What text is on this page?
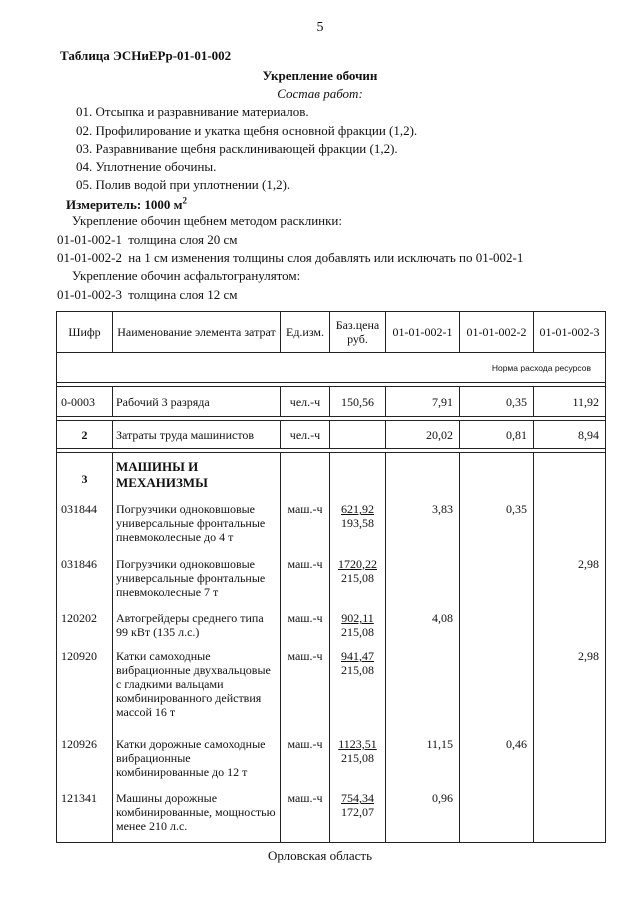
5
Таблица ЭСНиЕРр-01-01-002
Укрепление обочин
Состав работ:
01. Отсыпка и разравнивание материалов.
02. Профилирование и укатка щебня основной фракции (1,2).
03. Разравнивание щебня расклинивающей фракции (1,2).
04. Уплотнение обочины.
05. Полив водой при уплотнении (1,2).
Измеритель: 1000 $м^2$
Укрепление обочин щебнем методом расклинки:
01-01-002-1 толщина слоя 20 см
01-01-002-2 на 1 см изменения толщины слоя добавлять или исключать по 01-002-1
Укрепление обочин асфальтогранулятом:
01-01-002-3 толщина слоя 12 см
Шифр	Наименование элемента затрат	Ед.изм.	Баз.цена руб.	01-01-002-1	01-01-002-2	01-01-002-3
Норма расхода ресурсов						

0-0003	Рабочий 3 разряда	чел.-ч	150,56	7,91	0,35	11,92

2	Затраты труда машинистов	чел.-ч		20,02	0,81	8,94

3	МАШИНЫ И МЕХАНИЗМЫ					
031844	Погрузчики одноковшовые универсальные фронтальные пневмоколесные до 4 т	маш.-ч	621,92
193,58	3,83	0,35	
031846	Погрузчики одноковшовые универсальные фронтальные пневмоколесные 7 т	маш.-ч	1720,22
215,08			2,98
120202	Автогрейдеры среднего типа 99 кВт (135 л.с.)	маш.-ч	902,11
215,08	4,08		
120920	Катки самоходные вибрационные двухвальцовые с гладкими вальцами комбинированного действия массой 16 т	маш.-ч	941,47
215,08			2,98
120926	Катки дорожные самоходные вибрационные комбинированные до 12 т	маш.-ч	1123,51
215,08	11,15	0,46	
121341	Машины дорожные комбинированные, мощностью менее 210 л.с.	маш.-ч	754,34
172,07	0,96		
Орловская область
